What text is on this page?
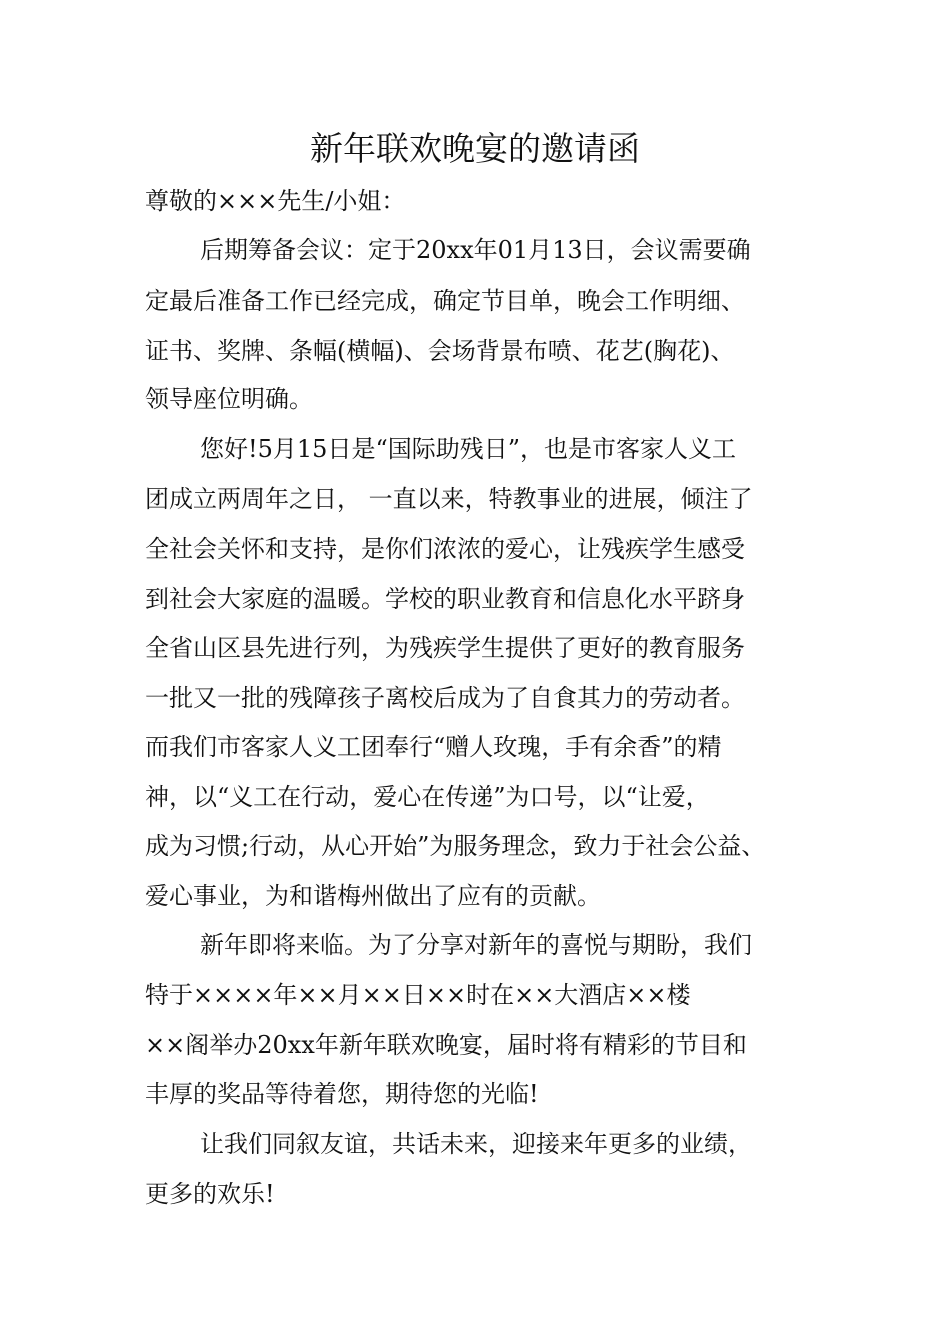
新年联欢晚宴的邀请函

尊敬的×××先生/小姐：

后期筹备会议：定于20xx年01月13日，会议需要确

定最后准备工作已经完成，确定节目单，晚会工作明细、

证书、奖牌、条幅(横幅)、会场背景布喷、花艺(胸花)、

领导座位明确。

您好!5月15日是“国际助残日”，也是市客家人义工

团成立两周年之日， 一直以来，特教事业的进展，倾注了

全社会关怀和支持，是你们浓浓的爱心，让残疾学生感受

到社会大家庭的温暖。学校的职业教育和信息化水平跻身

全省山区县先进行列，为残疾学生提供了更好的教育服务

一批又一批的残障孩子离校后成为了自食其力的劳动者。

而我们市客家人义工团奉行“赠人玫瑰，手有余香”的精

神，以“义工在行动，爱心在传递”为口号，以“让爱，

成为习惯;行动，从心开始”为服务理念，致力于社会公益、

爱心事业，为和谐梅州做出了应有的贡献。

新年即将来临。为了分享对新年的喜悦与期盼，我们

特于××××年××月××日××时在××大酒店××楼

××阁举办20xx年新年联欢晚宴，届时将有精彩的节目和

丰厚的奖品等待着您，期待您的光临!

让我们同叙友谊，共话未来，迎接来年更多的业绩，

更多的欢乐!
